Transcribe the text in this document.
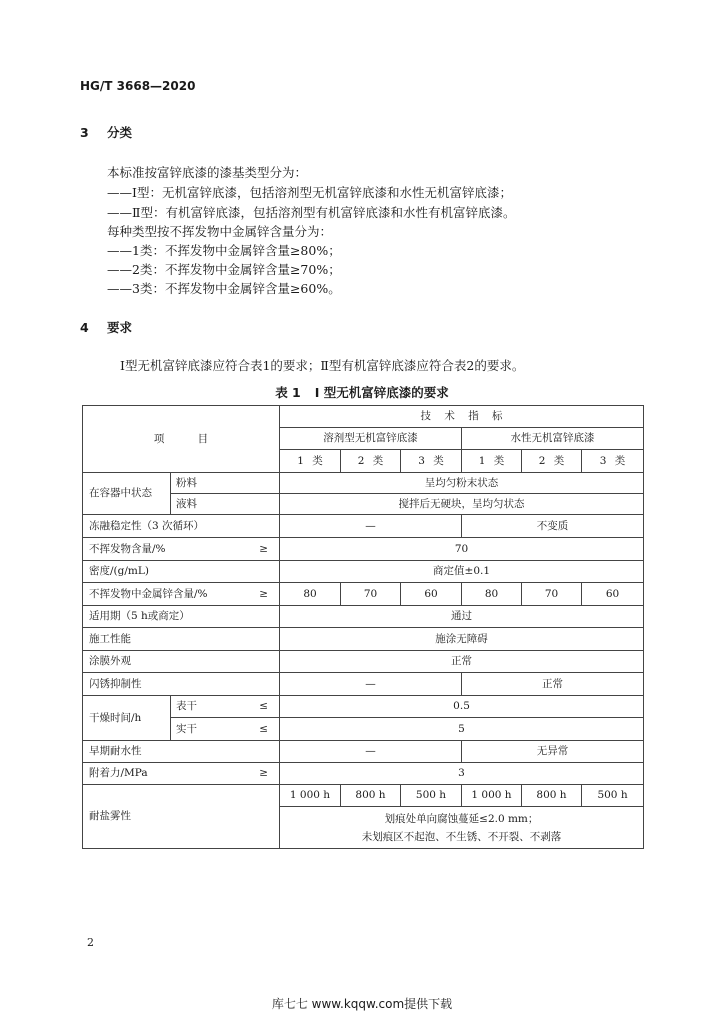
HG/T 3668—2020
3 分类
本标准按富锌底漆的漆基类型分为：
——Ⅰ型：无机富锌底漆，包括溶剂型无机富锌底漆和水性无机富锌底漆；
——Ⅱ型：有机富锌底漆，包括溶剂型有机富锌底漆和水性有机富锌底漆。
每种类型按不挥发物中金属锌含量分为：
——1类：不挥发物中金属锌含量≥80%；
——2类：不挥发物中金属锌含量≥70%；
——3类：不挥发物中金属锌含量≥60%。
4 要求
Ⅰ型无机富锌底漆应符合表1的要求；Ⅱ型有机富锌底漆应符合表2的要求。
表 1 Ⅰ 型无机富锌底漆的要求
项 目		技 术 指 标					
		溶剂型无机富锌底漆			水性无机富锌底漆		
		1 类	2 类	3 类	1 类	2 类	3 类
在容器中状态	粉料	呈均匀粉末状态					
	液料	搅拌后无硬块，呈均匀状态					
冻融稳定性（3 次循环）		—			不变质		
不挥发物含量/% ≥		70					
密度/(g/mL)		商定值±0.1					
不挥发物中金属锌含量/% ≥		80	70	60	80	70	60
适用期（5 h或商定）		通过					
施工性能		施涂无障碍					
涂膜外观		正常					
闪锈抑制性		—			正常		
干燥时间/h	表干 ≤	0.5					
	实干 ≤	5					
早期耐水性		—			无异常		
附着力/MPa ≥		3					
耐盐雾性		1 000 h	800 h	500 h	1 000 h	800 h	500 h

		划痕处单向腐蚀蔓延≤2.0 mm；
未划痕区不起泡、不生锈、不开裂、不剥落					
2
库七七 www.kqqw.com提供下载
